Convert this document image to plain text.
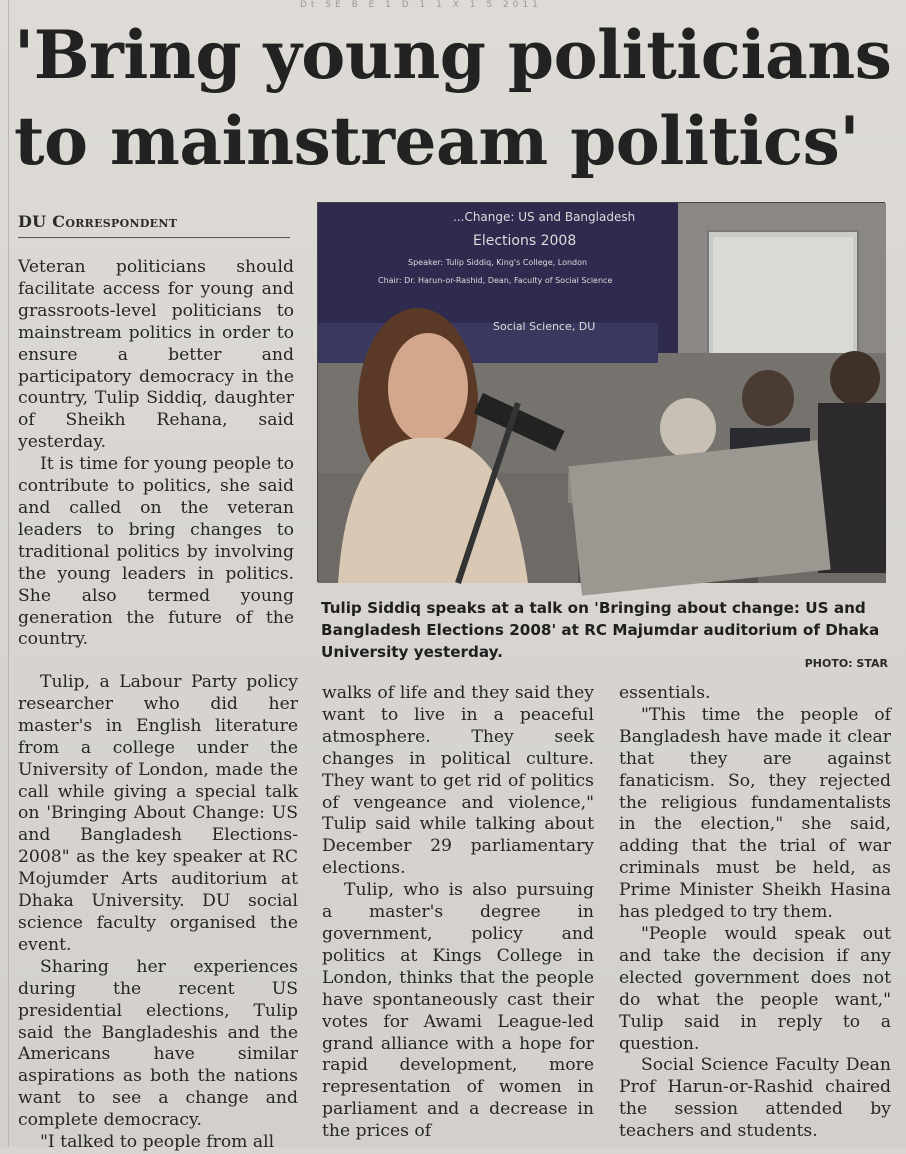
Dt SE B E 1 D 1 1 X 1 5 2011
'Bring young politicians
to mainstream politics'
DU Correspondent

Veteran politicians should facilitate access for young and grassroots-level politicians to mainstream politics in order to ensure a better and participatory democracy in the country, Tulip Siddiq, daughter of Sheikh Rehana, said yesterday.

It is time for young people to contribute to politics, she said and called on the veteran leaders to bring changes to traditional politics by involving the young leaders in politics. She also termed young generation the future of the country.

...Change: US and Bangladesh
Elections 2008
Speaker: Tulip Siddiq, King's College, London
Chair: Dr. Harun-or-Rashid, Dean, Faculty of Social Science
Social Science, DU
Tulip Siddiq speaks at a talk on 'Bringing about change: US and Bangladesh Elections 2008' at RC Majumdar auditorium of Dhaka University yesterday.
PHOTO: STAR

Tulip, a Labour Party policy researcher who did her master's in English literature from a college under the University of London, made the call while giving a special talk on 'Bringing About Change: US and Bangladesh Elections-2008" as the key speaker at RC Mojumder Arts auditorium at Dhaka University. DU social science faculty organised the event.

Sharing her experiences during the recent US presidential elections, Tulip said the Bangladeshis and the Americans have similar aspirations as both the nations want to see a change and complete democracy.

"I talked to people from all

walks of life and they said they want to live in a peaceful atmosphere. They seek changes in political culture. They want to get rid of politics of vengeance and violence," Tulip said while talking about December 29 parliamentary elections.

Tulip, who is also pursuing a master's degree in government, policy and politics at Kings College in London, thinks that the people have spontaneously cast their votes for Awami League-led grand alliance with a hope for rapid development, more representation of women in parliament and a decrease in the prices of

essentials.

"This time the people of Bangladesh have made it clear that they are against fanaticism. So, they rejected the religious fundamentalists in the election," she said, adding that the trial of war criminals must be held, as Prime Minister Sheikh Hasina has pledged to try them.

"People would speak out and take the decision if any elected government does not do what the people want," Tulip said in reply to a question.

Social Science Faculty Dean Prof Harun-or-Rashid chaired the session attended by teachers and students.
